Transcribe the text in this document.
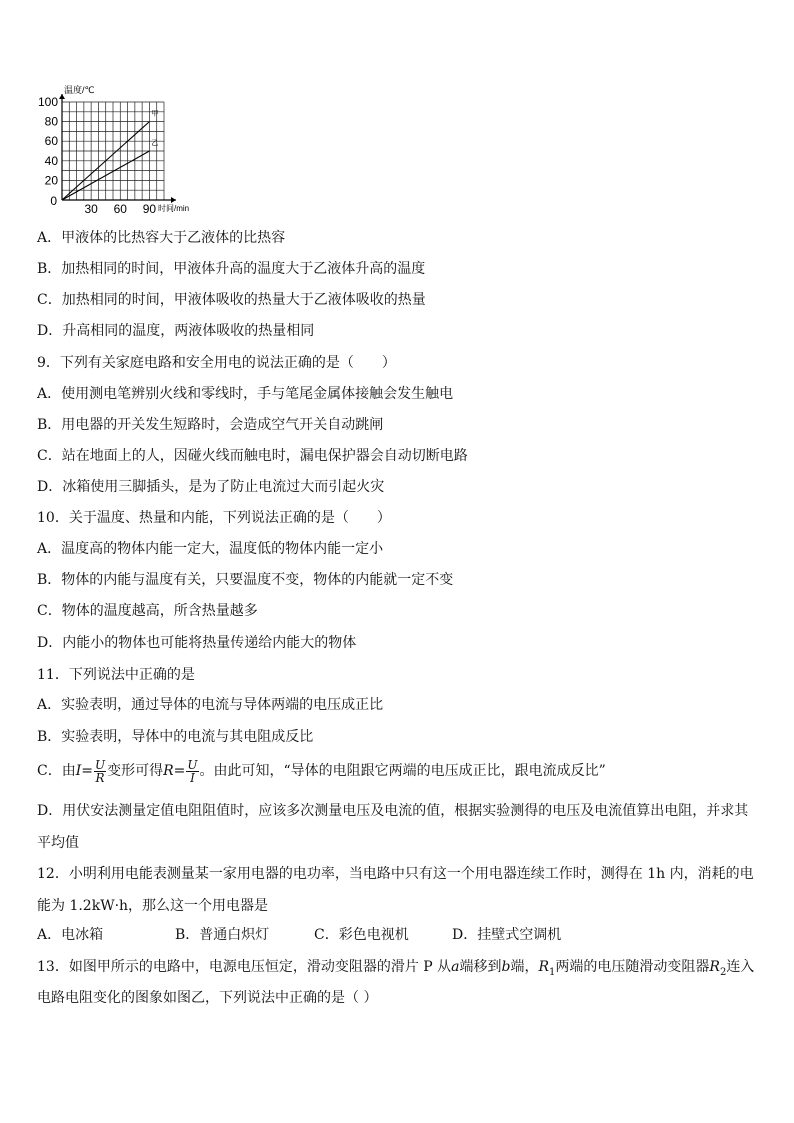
甲
乙
20
40
60
80
100
30 60 90
0
温度/℃
时间/min
A．甲液体的比热容大于乙液体的比热容
B．加热相同的时间，甲液体升高的温度大于乙液体升高的温度
C．加热相同的时间，甲液体吸收的热量大于乙液体吸收的热量
D．升高相同的温度，两液体吸收的热量相同
9．下列有关家庭电路和安全用电的说法正确的是（　　）
A．使用测电笔辨别火线和零线时，手与笔尾金属体接触会发生触电
B．用电器的开关发生短路时，会造成空气开关自动跳闸
C．站在地面上的人，因碰火线而触电时，漏电保护器会自动切断电路
D．冰箱使用三脚插头，是为了防止电流过大而引起火灾
10．关于温度、热量和内能，下列说法正确的是（　　）
A．温度高的物体内能一定大，温度低的物体内能一定小
B．物体的内能与温度有关，只要温度不变，物体的内能就一定不变
C．物体的温度越高，所含热量越多
D．内能小的物体也可能将热量传递给内能大的物体
11．下列说法中正确的是
A．实验表明，通过导体的电流与导体两端的电压成正比
B．实验表明，导体中的电流与其电阻成反比
C．由$I= \frac{U}{R}$ 变形可得$R= \frac{U}{I}$ 。由此可知，“导体的电阻跟它两端的电压成正比，跟电流成反比”
D．用伏安法测量定值电阻阻值时，应该多次测量电压及电流的值，根据实验测得的电压及电流值算出电阻，并求其平均值
12．小明利用电能表测量某一家用电器的电功率，当电路中只有这一个用电器连续工作时，测得在 1h 内，消耗的电能为 1.2kW·h，那么这一个用电器是
A．电冰箱	B．普通白炽灯	C．彩色电视机	D．挂壁式空调机
13．如图甲所示的电路中，电源电压恒定，滑动变阻器的滑片 P 从a端移到b端，$R_1$两端的电压随滑动变阻器$R_2$连入
电路电阻变化的图象如图乙，下列说法中正确的是（ ）
